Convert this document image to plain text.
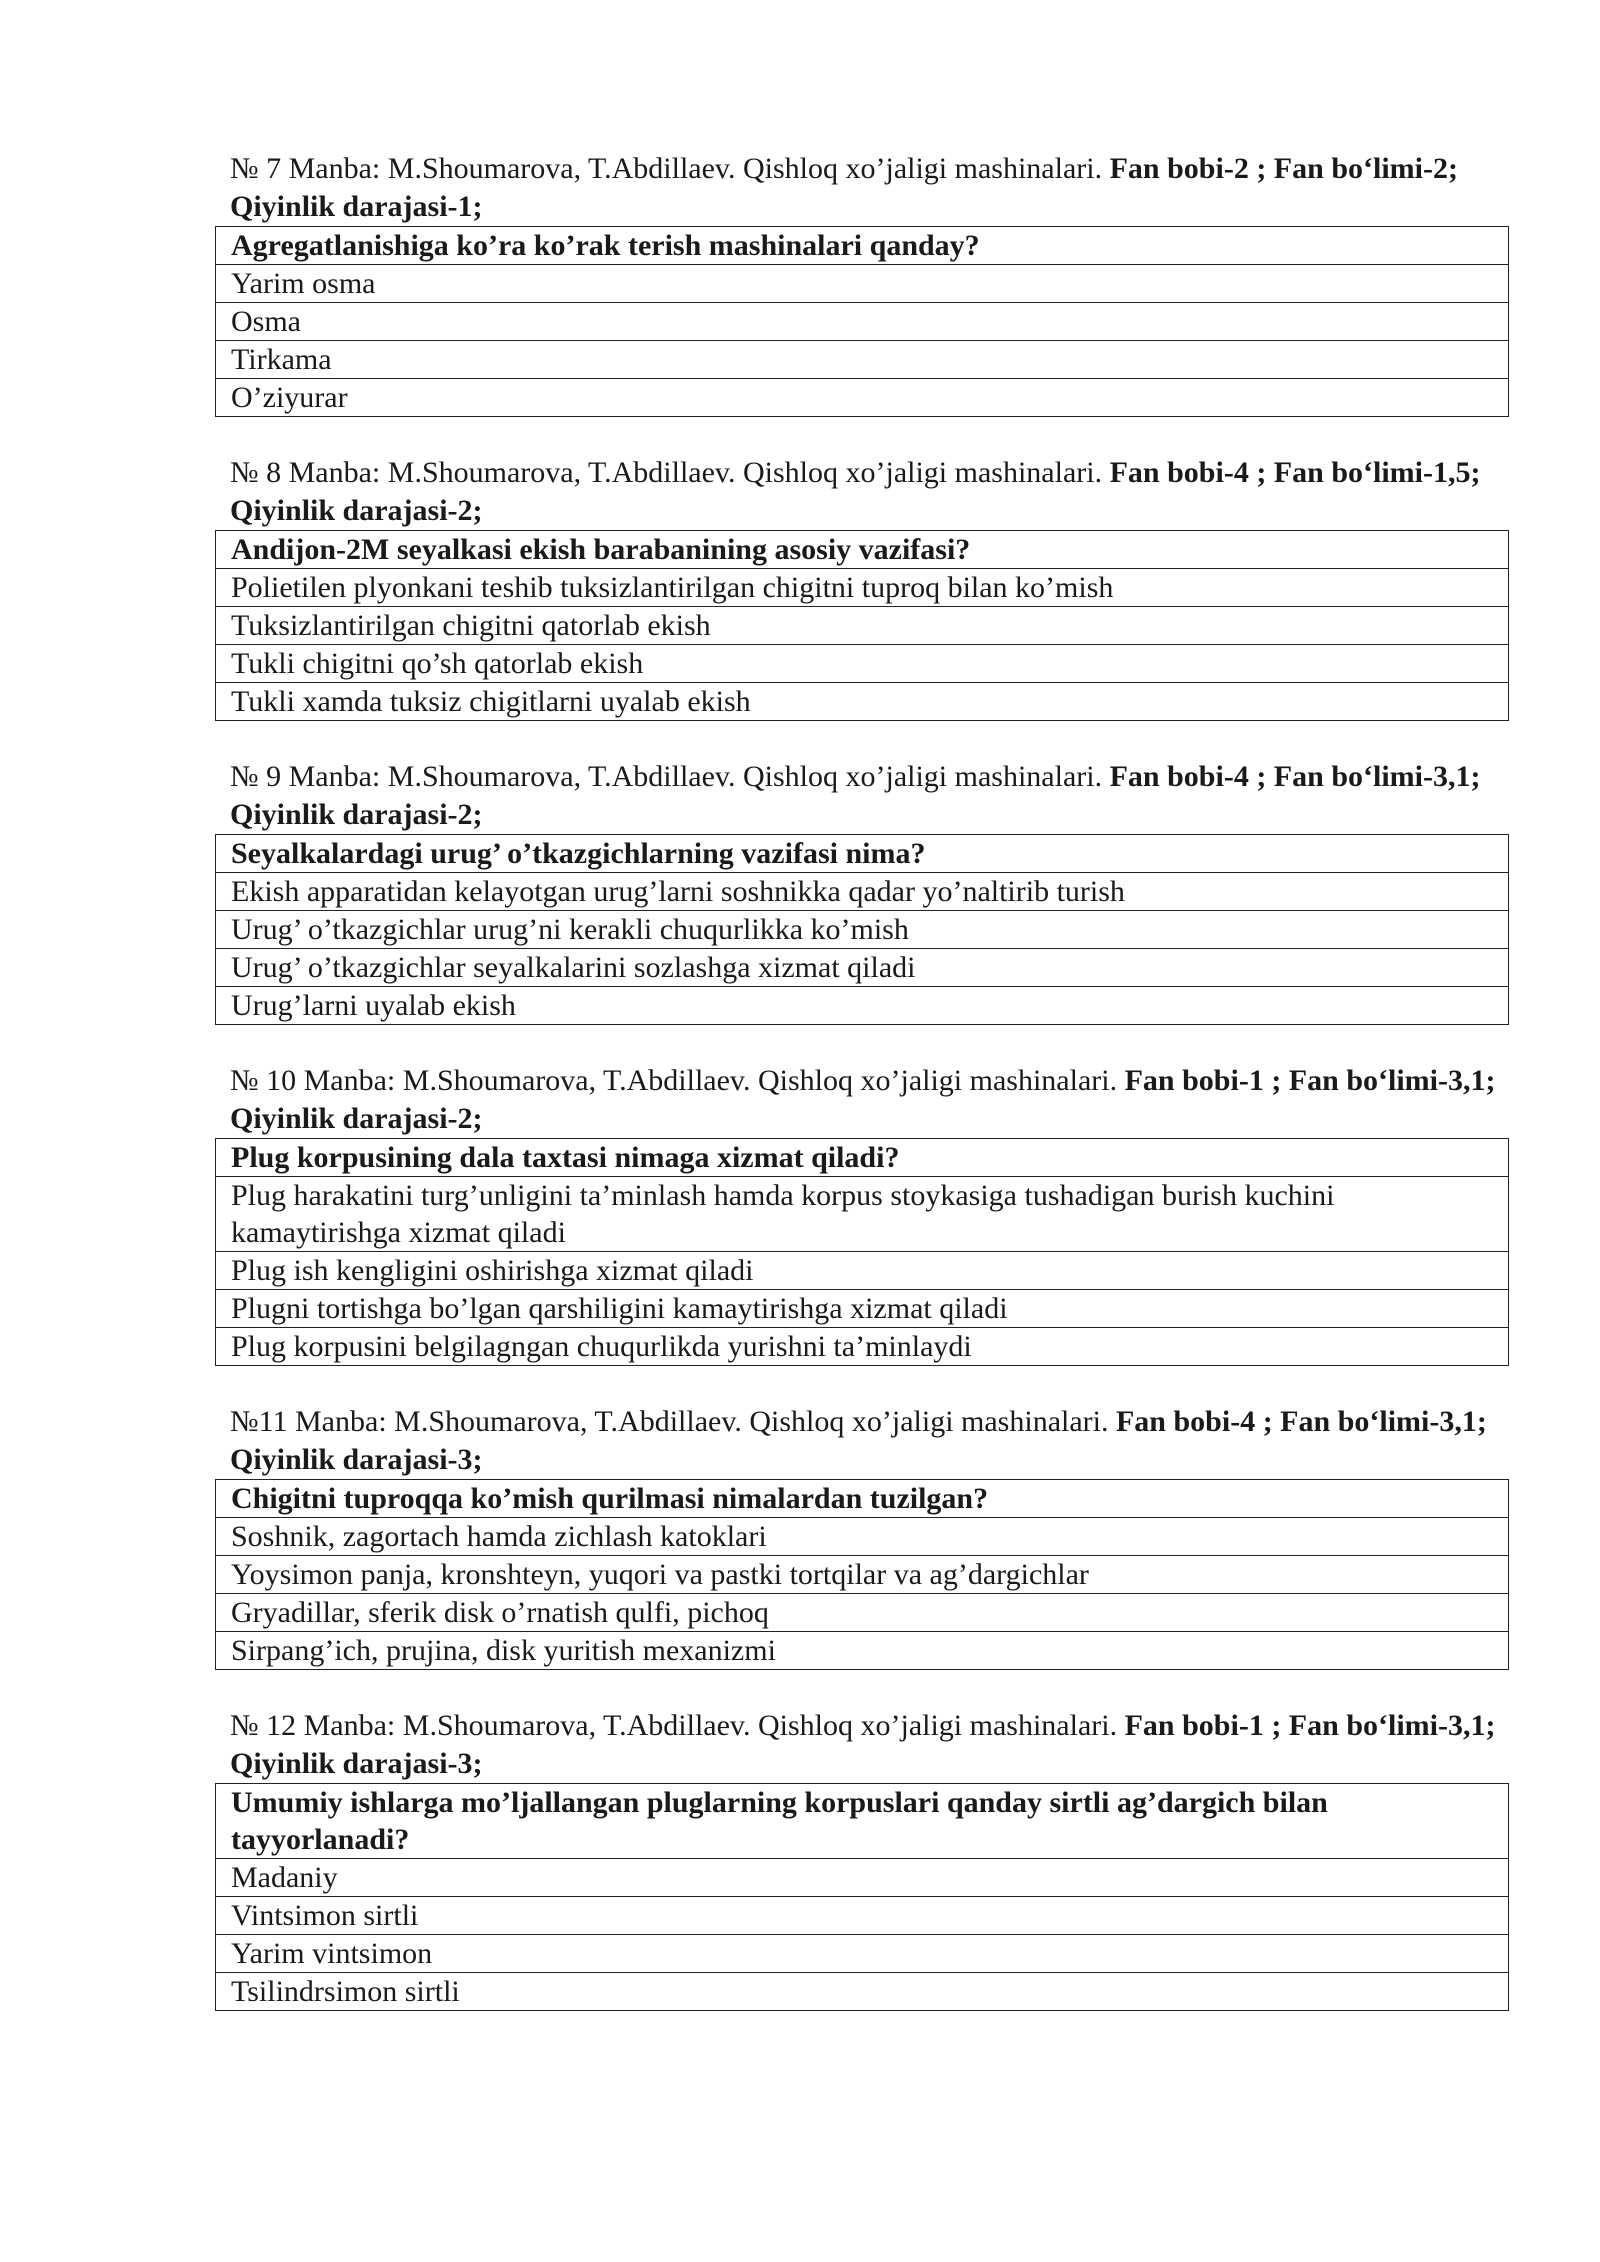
№ 7 Manba: M.Shoumarova, T.Abdillaev. Qishloq xo’jaligi mashinalari. Fan bobi-2 ; Fan bo‘limi-2; Qiyinlik darajasi-1;
Agregatlanishiga ko’ra ko’rak terish mashinalari qanday?
Yarim osma
Osma
Tirkama
O’ziyurar
№ 8 Manba: M.Shoumarova, T.Abdillaev. Qishloq xo’jaligi mashinalari. Fan bobi-4 ; Fan bo‘limi-1,5; Qiyinlik darajasi-2;
Andijon-2M seyalkasi ekish barabanining asosiy vazifasi?
Polietilen plyonkani teshib tuksizlantirilgan chigitni tuproq bilan ko’mish
Tuksizlantirilgan chigitni qatorlab ekish
Tukli chigitni qo’sh qatorlab ekish
Tukli xamda tuksiz chigitlarni uyalab ekish
№ 9 Manba: M.Shoumarova, T.Abdillaev. Qishloq xo’jaligi mashinalari. Fan bobi-4 ; Fan bo‘limi-3,1; Qiyinlik darajasi-2;
Seyalkalardagi urug’ o’tkazgichlarning vazifasi nima?
Ekish apparatidan kelayotgan urug’larni soshnikka qadar yo’naltirib turish
Urug’ o’tkazgichlar urug’ni kerakli chuqurlikka ko’mish
Urug’ o’tkazgichlar seyalkalarini sozlashga xizmat qiladi
Urug’larni uyalab ekish
№ 10 Manba: M.Shoumarova, T.Abdillaev. Qishloq xo’jaligi mashinalari. Fan bobi-1 ; Fan bo‘limi-3,1; Qiyinlik darajasi-2;
Plug korpusining dala taxtasi nimaga xizmat qiladi?
Plug harakatini turg’unligini ta’minlash hamda korpus stoykasiga tushadigan burish kuchini kamaytirishga xizmat qiladi
Plug ish kengligini oshirishga xizmat qiladi
Plugni tortishga bo’lgan qarshiligini kamaytirishga xizmat qiladi
Plug korpusini belgilagngan chuqurlikda yurishni ta’minlaydi
№11 Manba: M.Shoumarova, T.Abdillaev. Qishloq xo’jaligi mashinalari. Fan bobi-4 ; Fan bo‘limi-3,1; Qiyinlik darajasi-3;
Chigitni tuproqqa ko’mish qurilmasi nimalardan tuzilgan?
Soshnik, zagortach hamda zichlash katoklari
Yoysimon panja, kronshteyn, yuqori va pastki tortqilar va ag’dargichlar
Gryadillar, sferik disk o’rnatish qulfi, pichoq
Sirpang’ich, prujina, disk yuritish mexanizmi
№ 12 Manba: M.Shoumarova, T.Abdillaev. Qishloq xo’jaligi mashinalari. Fan bobi-1 ; Fan bo‘limi-3,1; Qiyinlik darajasi-3;
Umumiy ishlarga mo’ljallangan pluglarning korpuslari qanday sirtli ag’dargich bilan tayyorlanadi?
Madaniy
Vintsimon sirtli
Yarim vintsimon
Tsilindrsimon sirtli
